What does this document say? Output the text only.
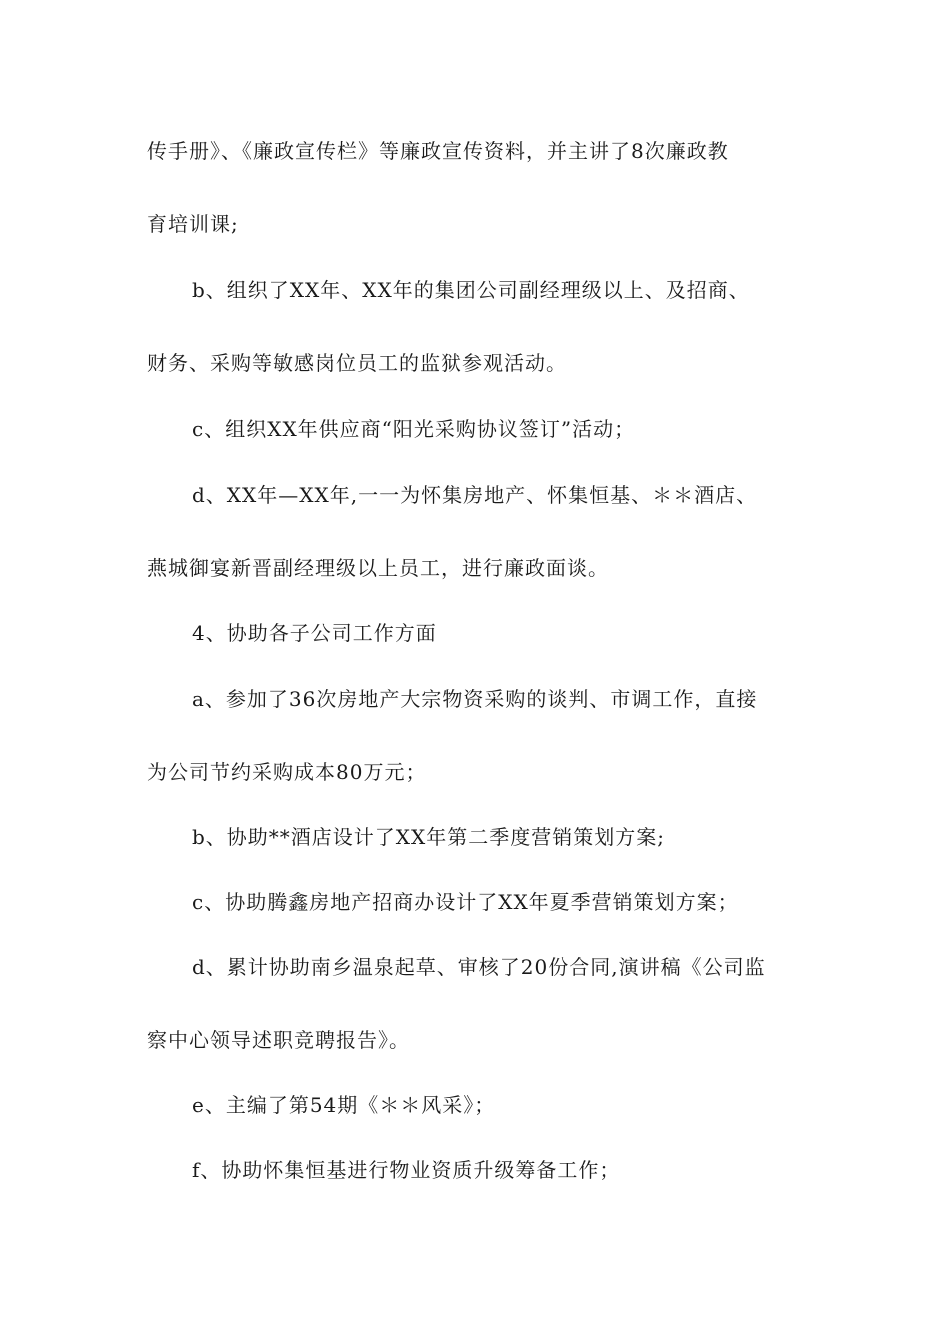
传手册》、《廉政宣传栏》等廉政宣传资料，并主讲了8次廉政教
育培训课;
b、组织了XX年、XX年的集团公司副经理级以上、及招商、
财务、采购等敏感岗位员工的监狱参观活动。
c、组织XX年供应商“阳光采购协议签订”活动；
d、XX年—XX年,一一为怀集房地产、怀集恒基、＊＊酒店、
燕城御宴新晋副经理级以上员工，进行廉政面谈。
4、协助各子公司工作方面
a、参加了36次房地产大宗物资采购的谈判、市调工作，直接
为公司节约采购成本80万元；
b、协助**酒店设计了XX年第二季度营销策划方案;
c、协助腾鑫房地产招商办设计了XX年夏季营销策划方案；
d、累计协助南乡温泉起草、审核了20份合同,演讲稿《公司监
察中心领导述职竞聘报告》。
e、主编了第54期《＊＊风采》；
f、协助怀集恒基进行物业资质升级筹备工作；
